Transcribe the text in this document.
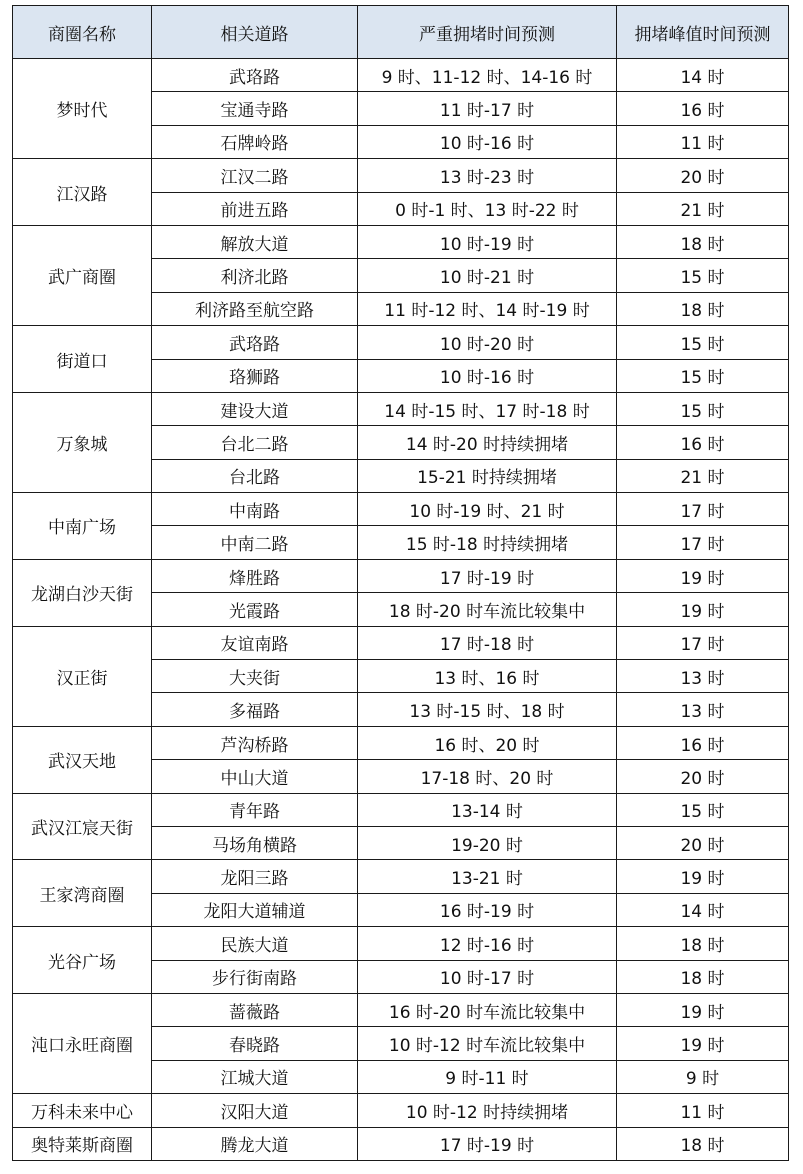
商圈名称	相关道路	严重拥堵时间预测	拥堵峰值时间预测
梦时代	武珞路	9 时、11-12 时、14-16 时	14 时
	宝通寺路	11 时-17 时	16 时
	石牌岭路	10 时-16 时	11 时
江汉路	江汉二路	13 时-23 时	20 时
	前进五路	0 时-1 时、13 时-22 时	21 时
武广商圈	解放大道	10 时-19 时	18 时
	利济北路	10 时-21 时	15 时
	利济路至航空路	11 时-12 时、14 时-19 时	18 时
街道口	武珞路	10 时-20 时	15 时
	珞狮路	10 时-16 时	15 时
万象城	建设大道	14 时-15 时、17 时-18 时	15 时
	台北二路	14 时-20 时持续拥堵	16 时
	台北路	15-21 时持续拥堵	21 时
中南广场	中南路	10 时-19 时、21 时	17 时
	中南二路	15 时-18 时持续拥堵	17 时
龙湖白沙天街	烽胜路	17 时-19 时	19 时
	光霞路	18 时-20 时车流比较集中	19 时
汉正街	友谊南路	17 时-18 时	17 时
	大夹街	13 时、16 时	13 时
	多福路	13 时-15 时、18 时	13 时
武汉天地	芦沟桥路	16 时、20 时	16 时
	中山大道	17-18 时、20 时	20 时
武汉江宸天街	青年路	13-14 时	15 时
	马场角横路	19-20 时	20 时
王家湾商圈	龙阳三路	13-21 时	19 时
	龙阳大道辅道	16 时-19 时	14 时
光谷广场	民族大道	12 时-16 时	18 时
	步行街南路	10 时-17 时	18 时
沌口永旺商圈	蔷薇路	16 时-20 时车流比较集中	19 时
	春晓路	10 时-12 时车流比较集中	19 时
	江城大道	9 时-11 时	9 时
万科未来中心	汉阳大道	10 时-12 时持续拥堵	11 时
奥特莱斯商圈	腾龙大道	17 时-19 时	18 时
